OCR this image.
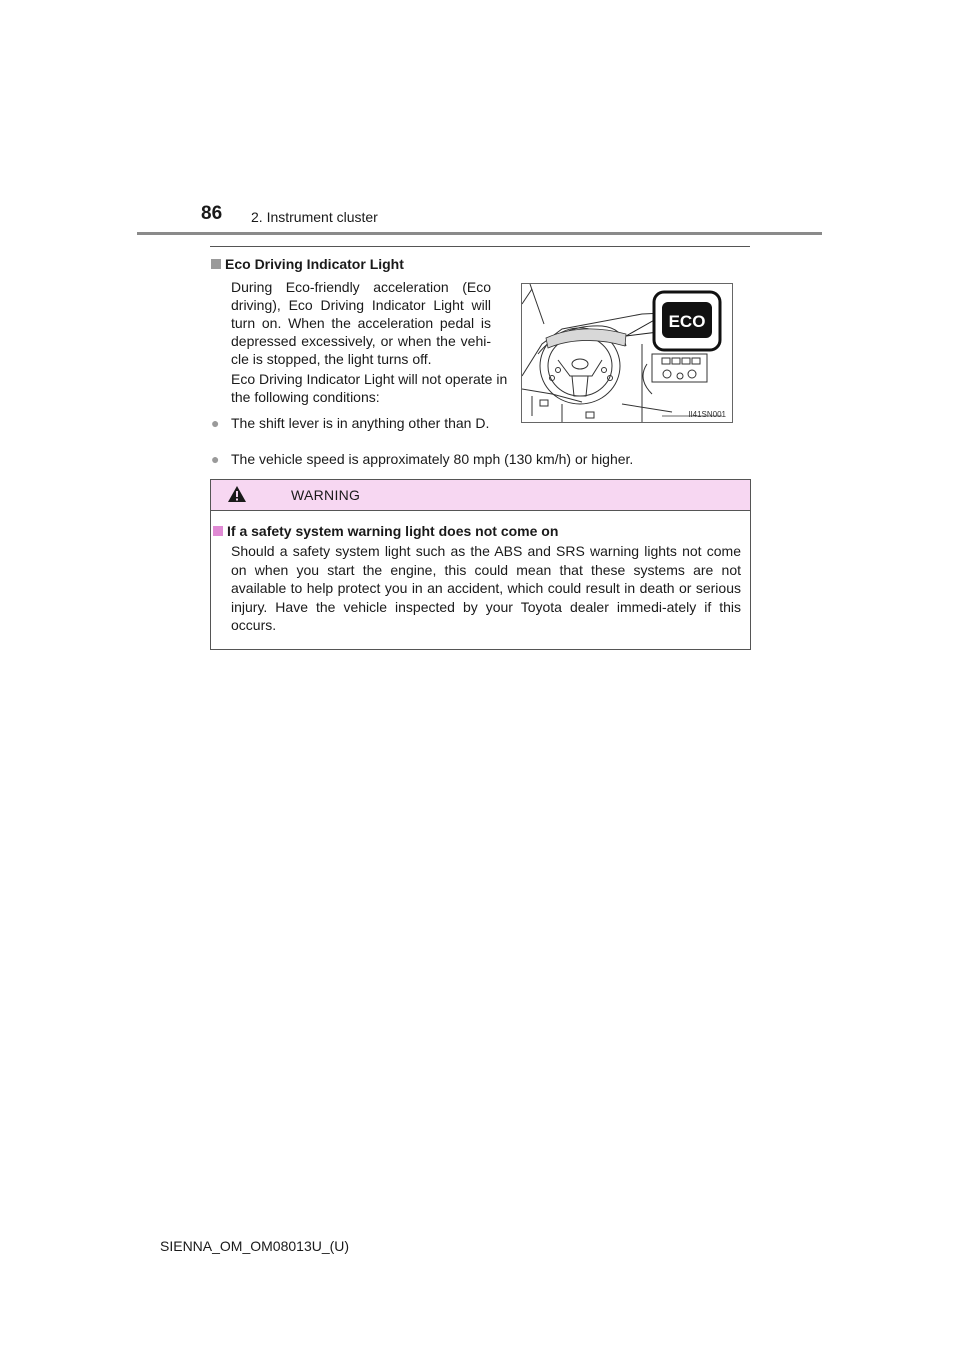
86 2. Instrument cluster
Eco Driving Indicator Light
During Eco-friendly acceleration (Eco driving), Eco Driving Indicator Light will turn on. When the acceleration pedal is depressed excessively, or when the vehi-cle is stopped, the light turns off.
Eco Driving Indicator Light will not operate in the following conditions:
● The shift lever is in anything other than D.
● The vehicle speed is approximately 80 mph (130 km/h) or higher.
ECO
II41SN001
WARNING
If a safety system warning light does not come on
Should a safety system light such as the ABS and SRS warning lights not come on when you start the engine, this could mean that these systems are not available to help protect you in an accident, which could result in death or serious injury. Have the vehicle inspected by your Toyota dealer immedi-ately if this occurs.
SIENNA_OM_OM08013U_(U)
